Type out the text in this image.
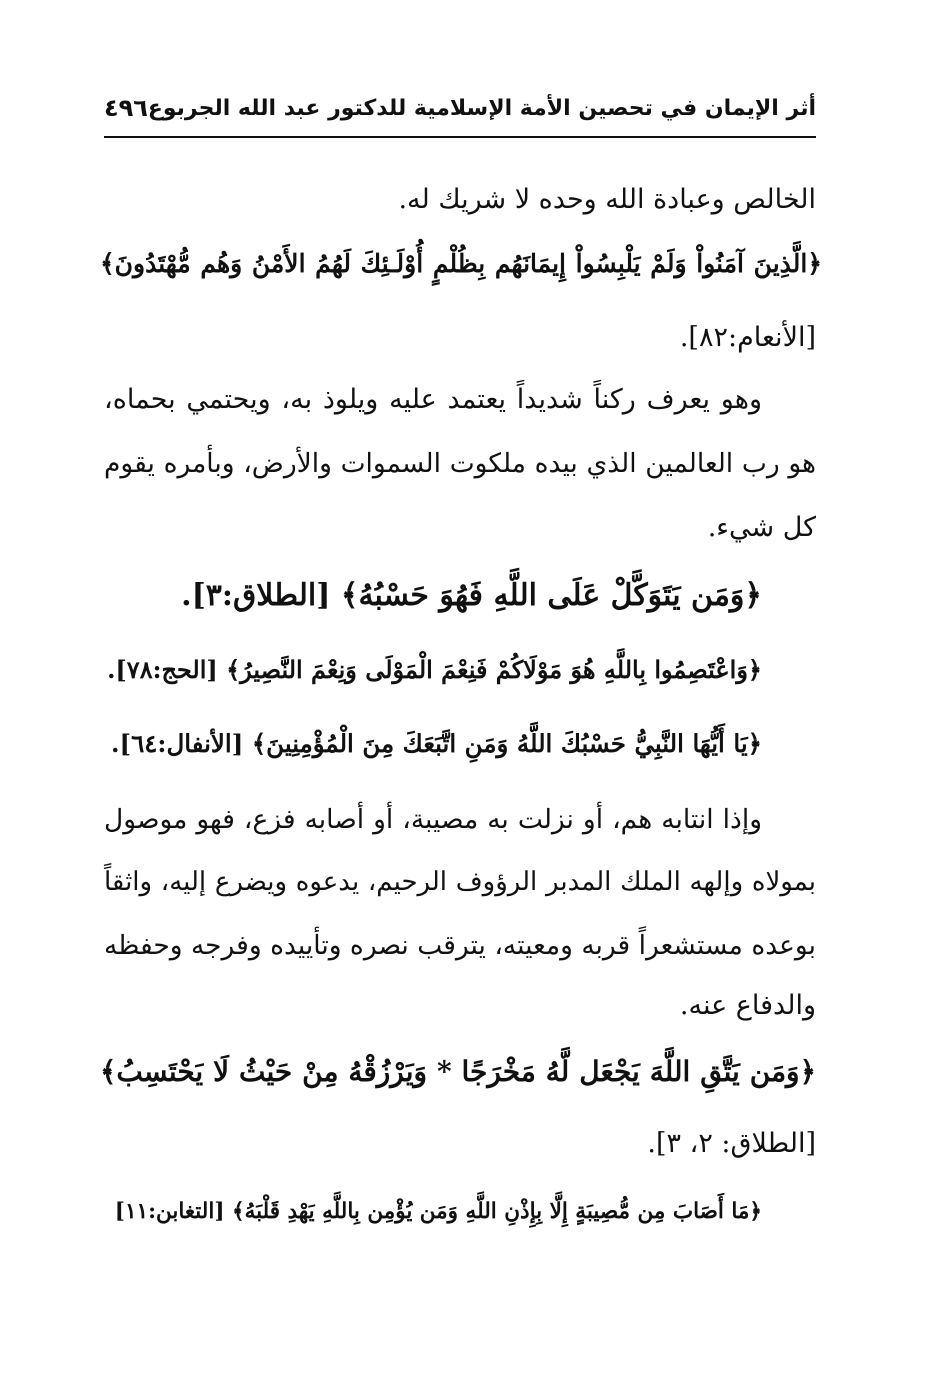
أثر الإيمان في تحصين الأمة الإسلامية للدكتور عبد الله الجربوع
٤٩٦
الخالص وعبادة الله وحده لا شريك له.
﴿الَّذِينَ آمَنُواْ وَلَمْ يَلْبِسُواْ إِيمَانَهُم بِظُلْمٍ أُوْلَـئِكَ لَهُمُ الأَمْنُ وَهُم مُّهْتَدُونَ﴾
[الأنعام:٨٢].
وهو يعرف ركناً شديداً يعتمد عليه ويلوذ به، ويحتمي بحماه،
هو رب العالمين الذي بيده ملكوت السموات والأرض، وبأمره يقوم
كل شيء.
﴿وَمَن يَتَوَكَّلْ عَلَى اللَّهِ فَهُوَ حَسْبُهُ﴾ [الطلاق:٣].
﴿وَاعْتَصِمُوا بِاللَّهِ هُوَ مَوْلَاكُمْ فَنِعْمَ الْمَوْلَى وَنِعْمَ النَّصِيرُ﴾ [الحج:٧٨].
﴿يَا أَيُّهَا النَّبِيُّ حَسْبُكَ اللَّهُ وَمَنِ اتَّبَعَكَ مِنَ الْمُؤْمِنِينَ﴾ [الأنفال:٦٤].
وإذا انتابه هم، أو نزلت به مصيبة، أو أصابه فزع، فهو موصول
بمولاه وإلهه الملك المدبر الرؤوف الرحيم، يدعوه ويضرع إليه، واثقاً
بوعده مستشعراً قربه ومعيته، يترقب نصره وتأييده وفرجه وحفظه
والدفاع عنه.
﴿وَمَن يَتَّقِ اللَّهَ يَجْعَل لَّهُ مَخْرَجًا * وَيَرْزُقْهُ مِنْ حَيْثُ لَا يَحْتَسِبُ﴾
[الطلاق: ٢، ٣].
﴿مَا أَصَابَ مِن مُّصِيبَةٍ إِلَّا بِإِذْنِ اللَّهِ وَمَن يُؤْمِن بِاللَّهِ يَهْدِ قَلْبَهُ﴾ [التغابن:١١]
